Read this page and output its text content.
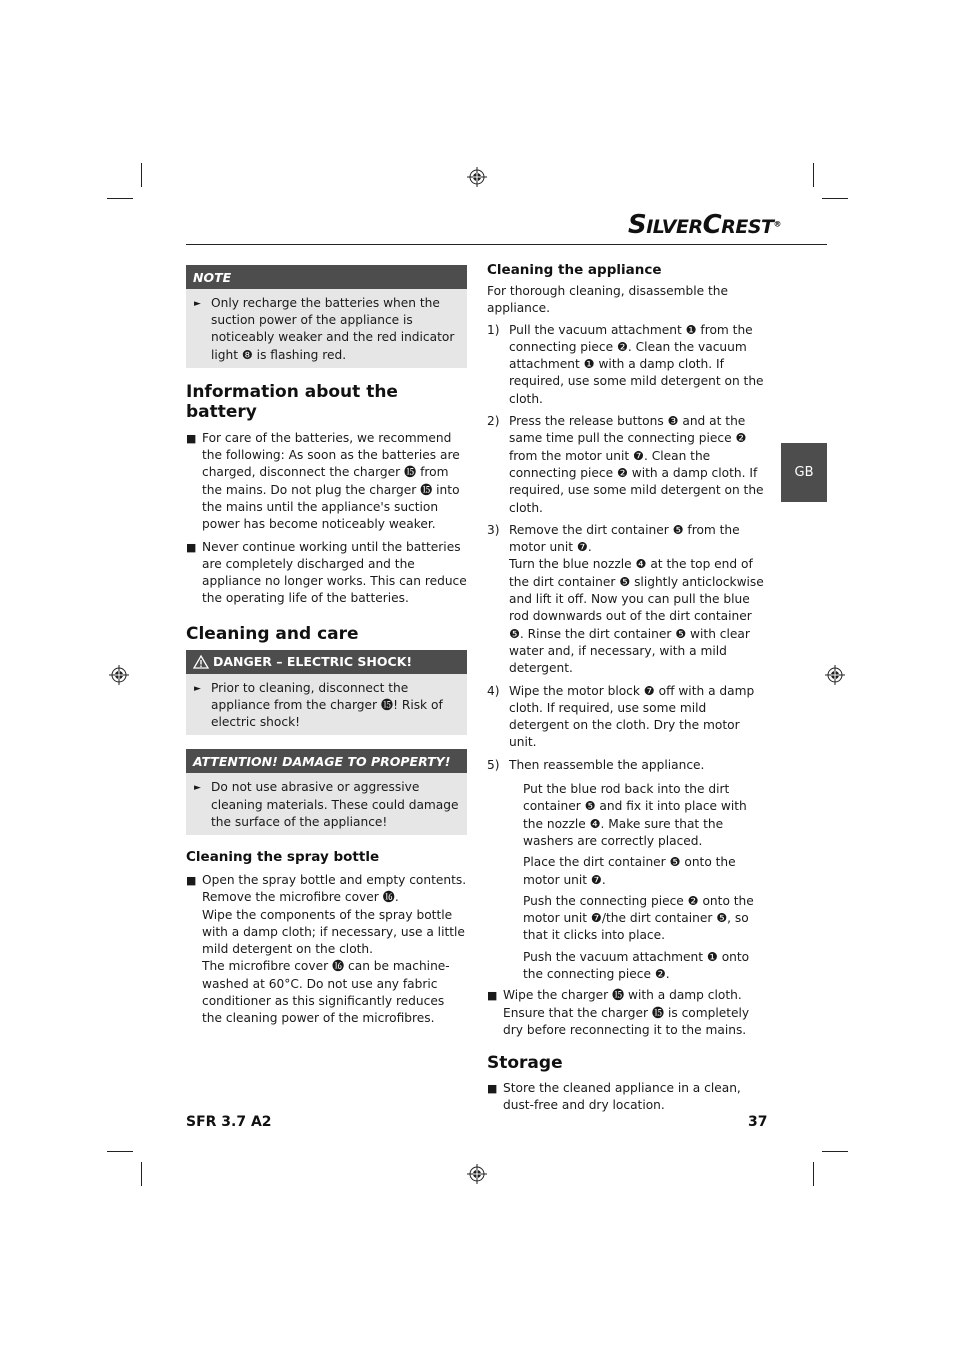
SILVERCREST®
GB
NOTE
► Only recharge the batteries when the suction power of the appliance is noticeably weaker and the red indicator light ❽ is flashing red.
Information about the battery
■ For care of the batteries, we recommend the following: As soon as the batteries are charged, disconnect the charger ⓯ from the mains. Do not plug the charger ⓯ into the mains until the appliance's suction power has become noticeably weaker.
■ Never continue working until the batteries are completely discharged and the appliance no longer works. This can reduce the operating life of the batteries.
Cleaning and care
DANGER – ELECTRIC SHOCK!
► Prior to cleaning, disconnect the appliance from the charger ⓯! Risk of electric shock!
ATTENTION! DAMAGE TO PROPERTY!
► Do not use abrasive or aggressive cleaning materials. These could damage the surface of the appliance!
Cleaning the spray bottle
■ Open the spray bottle and empty contents. Remove the microfibre cover ⓰.
Wipe the components of the spray bottle with a damp cloth; if necessary, use a little mild detergent on the cloth.
The microfibre cover ⓰ can be machine-washed at 60°C. Do not use any fabric conditioner as this significantly reduces the cleaning power of the microfibres.
Cleaning the appliance
For thorough cleaning, disassemble the appliance.
1) Pull the vacuum attachment ❶ from the connecting piece ❷. Clean the vacuum attachment ❶ with a damp cloth. If required, use some mild detergent on the cloth.
2) Press the release buttons ❸ and at the same time pull the connecting piece ❷ from the motor unit ❼. Clean the connecting piece ❷ with a damp cloth. If required, use some mild detergent on the cloth.
3) Remove the dirt container ❺ from the motor unit ❼.
Turn the blue nozzle ❹ at the top end of the dirt container ❺ slightly anticlockwise and lift it off. Now you can pull the blue rod downwards out of the dirt container ❺. Rinse the dirt container ❺ with clear water and, if necessary, with a mild detergent.
4) Wipe the motor block ❼ off with a damp cloth. If required, use some mild detergent on the cloth. Dry the motor unit.
5) Then reassemble the appliance.
Put the blue rod back into the dirt container ❺ and fix it into place with the nozzle ❹. Make sure that the washers are correctly placed.
Place the dirt container ❺ onto the motor unit ❼.
Push the connecting piece ❷ onto the motor unit ❼/the dirt container ❺, so that it clicks into place.
Push the vacuum attachment ❶ onto the connecting piece ❷.
■ Wipe the charger ⓯ with a damp cloth. Ensure that the charger ⓯ is completely dry before reconnecting it to the mains.
Storage
■ Store the cleaned appliance in a clean, dust-free and dry location.
SFR 3.7 A2	37
